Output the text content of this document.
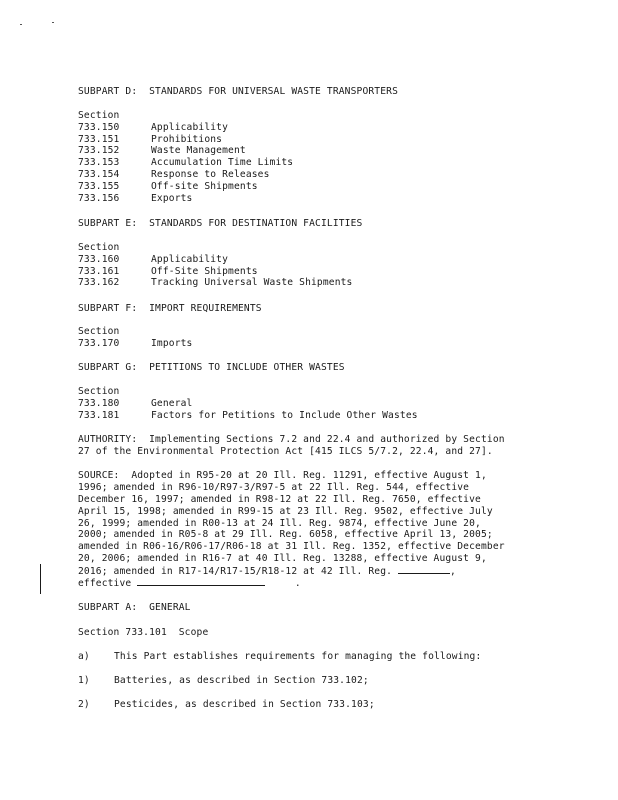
SUBPART D:  STANDARDS FOR UNIVERSAL WASTE TRANSPORTERS
Section
733.150	Applicability
733.151	Prohibitions
733.152	Waste Management
733.153	Accumulation Time Limits
733.154	Response to Releases
733.155	Off-site Shipments
733.156	Exports
SUBPART E:  STANDARDS FOR DESTINATION FACILITIES
Section
733.160	Applicability
733.161	Off-Site Shipments
733.162	Tracking Universal Waste Shipments
SUBPART F:  IMPORT REQUIREMENTS
Section
733.170	Imports
SUBPART G:  PETITIONS TO INCLUDE OTHER WASTES
Section
733.180	General
733.181	Factors for Petitions to Include Other Wastes
AUTHORITY:  Implementing Sections 7.2 and 22.4 and authorized by Section
27 of the Environmental Protection Act [415 ILCS 5/7.2, 22.4, and 27].
SOURCE:  Adopted in R95-20 at 20 Ill. Reg. 11291, effective August 1,
1996; amended in R96-10/R97-3/R97-5 at 22 Ill. Reg. 544, effective
December 16, 1997; amended in R98-12 at 22 Ill. Reg. 7650, effective
April 15, 1998; amended in R99-15 at 23 Ill. Reg. 9502, effective July
26, 1999; amended in R00-13 at 24 Ill. Reg. 9874, effective June 20,
2000; amended in R05-8 at 29 Ill. Reg. 6058, effective April 13, 2005;
amended in R06-16/R06-17/R06-18 at 31 Ill. Reg. 1352, effective December
20, 2006; amended in R16-7 at 40 Ill. Reg. 13288, effective August 9,
2016; amended in R17-14/R17-15/R18-12 at 42 Ill. Reg.	,
effective	.
SUBPART A:  GENERAL
Section 733.101  Scope
a)	This Part establishes requirements for managing the following:
1)	Batteries, as described in Section 733.102;
2)	Pesticides, as described in Section 733.103;
